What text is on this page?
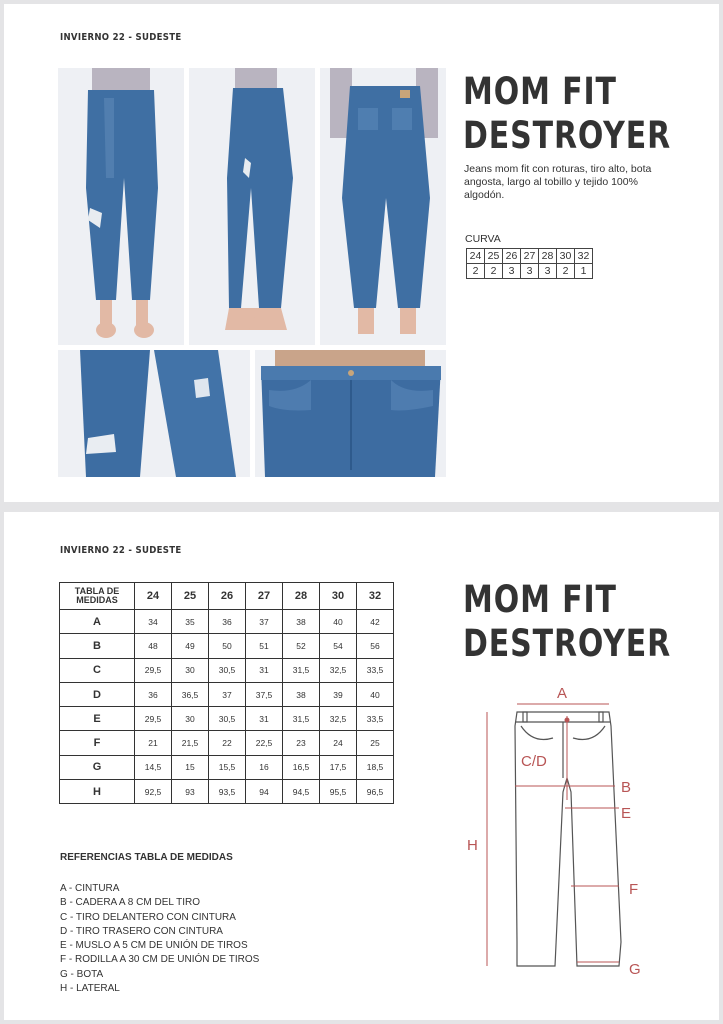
INVIERNO 22 - SUDESTE
MOM FIT
DESTROYER
Jeans mom fit con roturas, tiro alto, bota angosta, largo al tobillo y tejido 100% algodón.
CURVA
24	25	26	27	28	30	32
2	2	3	3	3	2	1
INVIERNO 22 - SUDESTE
TABLA DE
MEDIDAS	24	25	26	27	28	30	32
A	34	35	36	37	38	40	42
B	48	49	50	51	52	54	56
C	29,5	30	30,5	31	31,5	32,5	33,5
D	36	36,5	37	37,5	38	39	40
E	29,5	30	30,5	31	31,5	32,5	33,5
F	21	21,5	22	22,5	23	24	25
G	14,5	15	15,5	16	16,5	17,5	18,5
H	92,5	93	93,5	94	94,5	95,5	96,5
REFERENCIAS TABLA DE MEDIDAS
A - CINTURA
B - CADERA A 8 CM DEL TIRO
C - TIRO DELANTERO CON CINTURA
D - TIRO TRASERO CON CINTURA
E - MUSLO A 5 CM DE UNIÓN DE TIROS
F - RODILLA A 30 CM DE UNIÓN DE TIROS
G - BOTA
H - LATERAL
MOM FIT
DESTROYER
A
C/D
B
E
H
F
G
